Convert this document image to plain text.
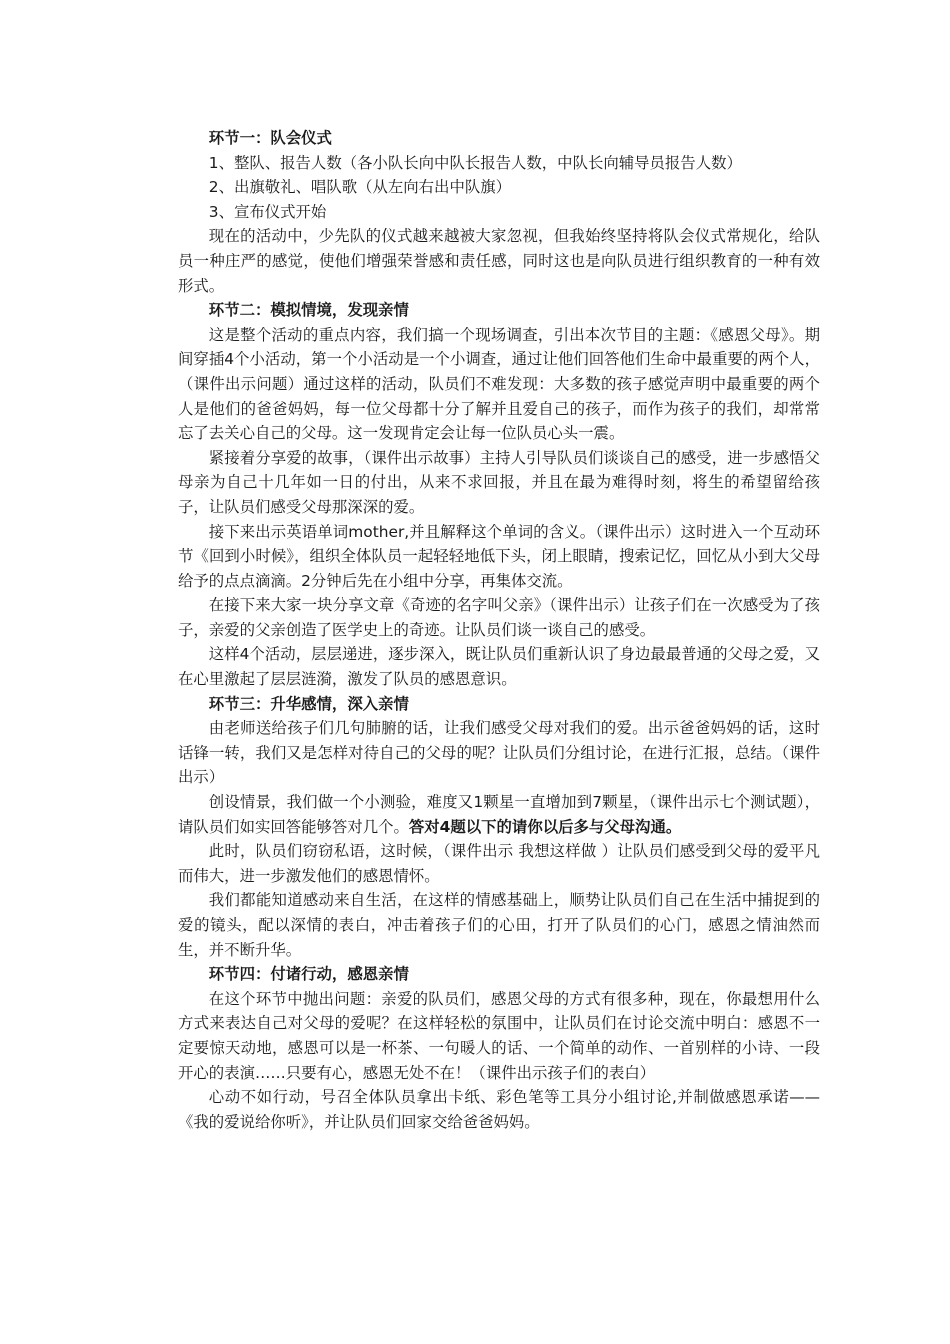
环节一：队会仪式

1、整队、报告人数（各小队长向中队长报告人数，中队长向辅导员报告人数）

2、出旗敬礼、唱队歌（从左向右出中队旗）

3、宣布仪式开始

现在的活动中，少先队的仪式越来越被大家忽视，但我始终坚持将队会仪式常规化，给队员一种庄严的感觉，使他们增强荣誉感和责任感，同时这也是向队员进行组织教育的一种有效形式。

环节二：模拟情境，发现亲情

这是整个活动的重点内容，我们搞一个现场调查，引出本次节目的主题：《感恩父母》。期间穿插4个小活动，第一个小活动是一个小调查，通过让他们回答他们生命中最重要的两个人，（课件出示问题）通过这样的活动，队员们不难发现：大多数的孩子感觉声明中最重要的两个人是他们的爸爸妈妈，每一位父母都十分了解并且爱自己的孩子，而作为孩子的我们，却常常忘了去关心自己的父母。这一发现肯定会让每一位队员心头一震。

紧接着分享爱的故事，（课件出示故事）主持人引导队员们谈谈自己的感受，进一步感悟父母亲为自己十几年如一日的付出，从来不求回报，并且在最为难得时刻，将生的希望留给孩子，让队员们感受父母那深深的爱。

接下来出示英语单词mother,并且解释这个单词的含义。（课件出示）这时进入一个互动环节《回到小时候》，组织全体队员一起轻轻地低下头，闭上眼睛，搜索记忆，回忆从小到大父母给予的点点滴滴。2分钟后先在小组中分享，再集体交流。

在接下来大家一块分享文章《奇迹的名字叫父亲》（课件出示）让孩子们在一次感受为了孩子，亲爱的父亲创造了医学史上的奇迹。让队员们谈一谈自己的感受。

这样4个活动，层层递进，逐步深入，既让队员们重新认识了身边最最普通的父母之爱，又在心里激起了层层涟漪，激发了队员的感恩意识。

环节三：升华感情，深入亲情

由老师送给孩子们几句肺腑的话，让我们感受父母对我们的爱。出示爸爸妈妈的话，这时话锋一转，我们又是怎样对待自己的父母的呢？让队员们分组讨论，在进行汇报，总结。（课件出示）

创设情景，我们做一个小测验，难度又1颗星一直增加到7颗星，（课件出示七个测试题），请队员们如实回答能够答对几个。答对4题以下的请你以后多与父母沟通。

此时，队员们窃窃私语，这时候，（课件出示 我想这样做 ）让队员们感受到父母的爱平凡而伟大，进一步激发他们的感恩情怀。

我们都能知道感动来自生活，在这样的情感基础上，顺势让队员们自己在生活中捕捉到的爱的镜头，配以深情的表白，冲击着孩子们的心田，打开了队员们的心门，感恩之情油然而生，并不断升华。

环节四：付诸行动，感恩亲情

在这个环节中抛出问题：亲爱的队员们，感恩父母的方式有很多种，现在，你最想用什么方式来表达自己对父母的爱呢？在这样轻松的氛围中，让队员们在讨论交流中明白：感恩不一定要惊天动地，感恩可以是一杯茶、一句暖人的话、一个简单的动作、一首别样的小诗、一段开心的表演……只要有心，感恩无处不在！（课件出示孩子们的表白）

心动不如行动，号召全体队员拿出卡纸、彩色笔等工具分小组讨论,并制做感恩承诺——《我的爱说给你听》，并让队员们回家交给爸爸妈妈。
